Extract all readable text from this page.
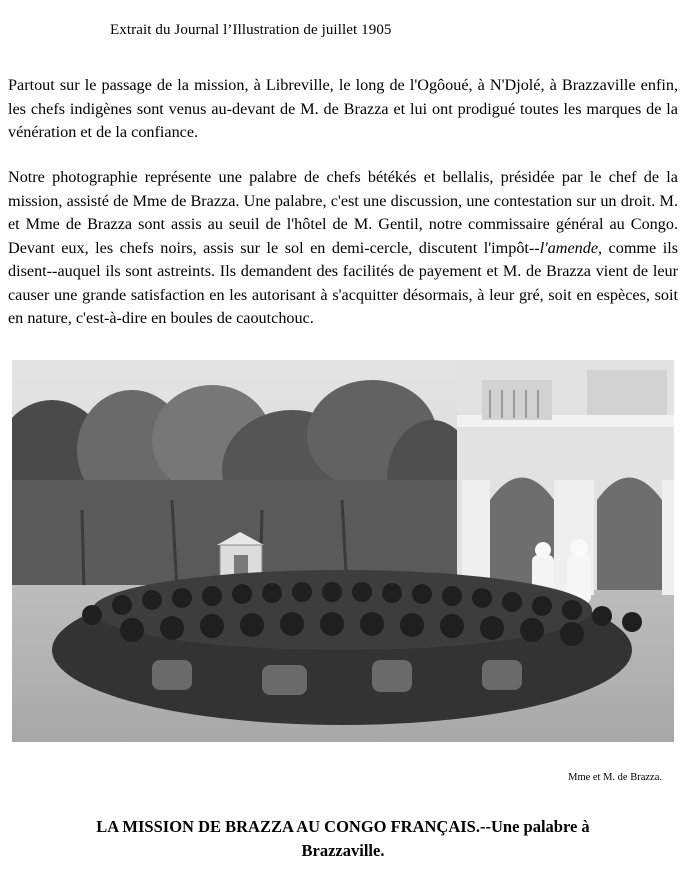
Extrait du Journal l’Illustration de juillet 1905

Partout sur le passage de la mission, à Libreville, le long de l'Ogôoué, à N'Djolé, à Brazzaville enfin, les chefs indigènes sont venus au-devant de M. de Brazza et lui ont prodigué toutes les marques de la vénération et de la confiance.

Notre photographie représente une palabre de chefs bétékés et bellalis, présidée par le chef de la mission, assisté de Mme de Brazza. Une palabre, c'est une discussion, une contestation sur un droit. M. et Mme de Brazza sont assis au seuil de l'hôtel de M. Gentil, notre commissaire général au Congo. Devant eux, les chefs noirs, assis sur le sol en demi-cercle, discutent l'impôt--l'amende, comme ils disent--auquel ils sont astreints. Ils demandent des facilités de payement et M. de Brazza vient de leur causer une grande satisfaction en les autorisant à s'acquitter désormais, à leur gré, soit en espèces, soit en nature, c'est-à-dire en boules de caoutchouc.

Mme et M. de Brazza.
LA MISSION DE BRAZZA AU CONGO FRANÇAIS.--Une palabre à
Brazzaville.
